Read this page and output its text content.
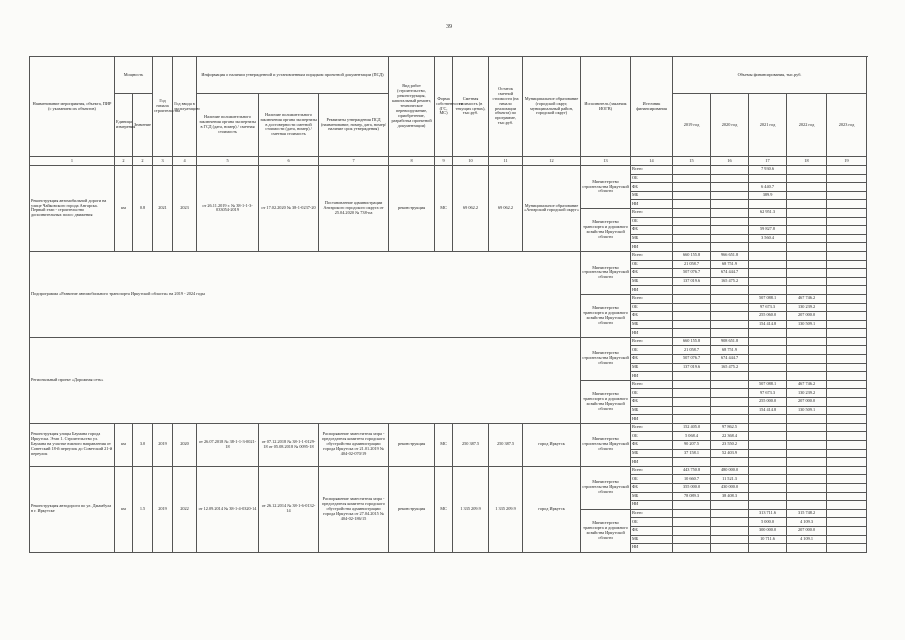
39
Наименование мероприятия, объекта, ПИР (с указанием их объектов)	Мощность		Год начала строительства	Год ввода в эксплуатацию	Информация о наличии утвержденной и установленным порядком проектной документации (ПСД)			Вид работ (строительство, реконструкция, капитальный ремонт, техническое перевооружение, приобретение, разработка проектной документации)	Форма собственности (ГС, МС)	Сметная стоимость (в текущих ценах), тыс.руб.	Остаток сметной стоимости (на начало реализации объекта) по программе, тыс.руб.	Муниципальное образование (городской округ, муниципальный район, городской округ)	Исполнитель (заказчик ИОГВ)	Источник финансирования	Объемы финансирования, тыс.руб.					
					Наличие положительного заключения органа экспертизы в ГСД (дата, номер) / сметная стоимость	Наличие положительного заключения органа экспертизы в достоверности сметной стоимости (дата, номер) / сметная стоимость	Реквизиты утверждения ПСД (наименование, номер, дата, номер/ наличие срок утверждения)								2019 год	2020 год	2021 год	2022 год	2023 год	
	Единица измерения	Значение																		
1	2	2	3	4	5	6	7	8	9	10	11	12	13	14	15	16	17	18	19	
Реконструкция автомобильной дороги на улице Чайковского города Ангарска. Первый этап - строительство дополнительных полос движения	км	0.8	2021	2023	от 26.11.2019 г. № 38-1-1-3-033054-2019	от 17.02.2020 № 38-1-0237-20	Постановление администрации Ангарского городского округа от 25.04.2020 № 738-па	реконструкция	МС	69 062.2	69 062.2	Муниципальное образование «Ангарский городской округ»	Министерство строительства Иркутской области	Всего			7 930.6			
														ОБ						
														ФБ			6 440.7			
														МБ			389.9			
														НИ						
													Министерство транспорта и дорожного хозяйства Иркутской области	Всего			62 951.3			
														ОБ						
														ФБ			59 827.8			
														МБ			3 560.4			
														НИ						
Подпрограмма «Развитие автомобильного транспорта Иркутской области» на 2019 - 2024 годы													Министерство строительства Иркутской области	Всего	660 155.8	966 651.8				
														ОБ	21 058.7	68 751.9				
														ФБ	507 076.7	674 444.7				
														МБ	137 019.6	165 475.2				
														НИ						
													Министерство транспорта и дорожного хозяйства Иркутской области	Всего			507 088.1	467 746.2		
														ОБ			97 673.3	130 239.2		
														ФБ			255 060.0	207 000.0		
														МБ			154 414.8	130 509.1		
														НИ						
Региональный проект «Дорожная сеть»													Министерство строительства Иркутской области	Всего	660 155.8	908 651.8				
														ОБ	21 058.7	68 751.9				
														ФБ	507 076.7	674 444.7				
														МБ	137 019.6	165 475.2				
														НИ						
													Министерство транспорта и дорожного хозяйства Иркутской области	Всего			507 088.1	467 746.2		
														ОБ			97 673.3	130 239.2		
														ФБ			255 000.0	207 000.0		
														МБ			154 414.8	130 509.1		
														НИ						
Реконструкция улицы Баумана города Иркутска. Этап 1. Строительство ул. Баумана на участке южного направления от Советский 18-й переулок до Советский 21-й переулок	км	3.0	2019	2020	от 26.07.2018 № 38-1-1-3-0021-18	от 07.12.2018 № 38-1-1-0129-18 от 05.08.2018 № 0095-18	Распоряжение заместителя мэра - председателя комитета городского обустройства администрации города Иркутска от 21.01.2019 № 404-02-070/19	реконструкция	МС	250 387.5	250 387.5	город Иркутск	Министерство строительства Иркутской области	Всего	152 405.0	97 862.5				
														ОБ	5 068.4	22 368.4				
														ФБ	90 207.5	23 550.2				
														МБ	37 158.1	52 403.9				
														НИ						
Реконструкция автодороги по ул. Джамбула в г. Иркутске	км	1.5	2019	2022	от 12.09.2014 № 38-1-4-0320-14	от 26.12.2014 № 38-1-6-0132-14	Распоряжение заместителя мэра - председателя комитета городского обустройства администрации города Иркутска от 27.04.2015 № 404-02-186/15	реконструкция	МС	1 335 209.9	1 335 209.9	город Иркутск	Министерство строительства Иркутской области	Всего	443 750.8	480 000.0				
														ОБ	10 660.7	11 521.3				
														ФБ	355 000.0	430 000.0				
														МБ	78 089.3	38 408.3				
														НИ						
													Министерство транспорта и дорожного хозяйства Иркутской области	Всего			313 711.6	315 748.2		
														ОБ			5 000.0	4 109.3		
														ФБ			300 000.0	207 000.0		
														МБ			10 711.6	4 109.1		
														НИ						
